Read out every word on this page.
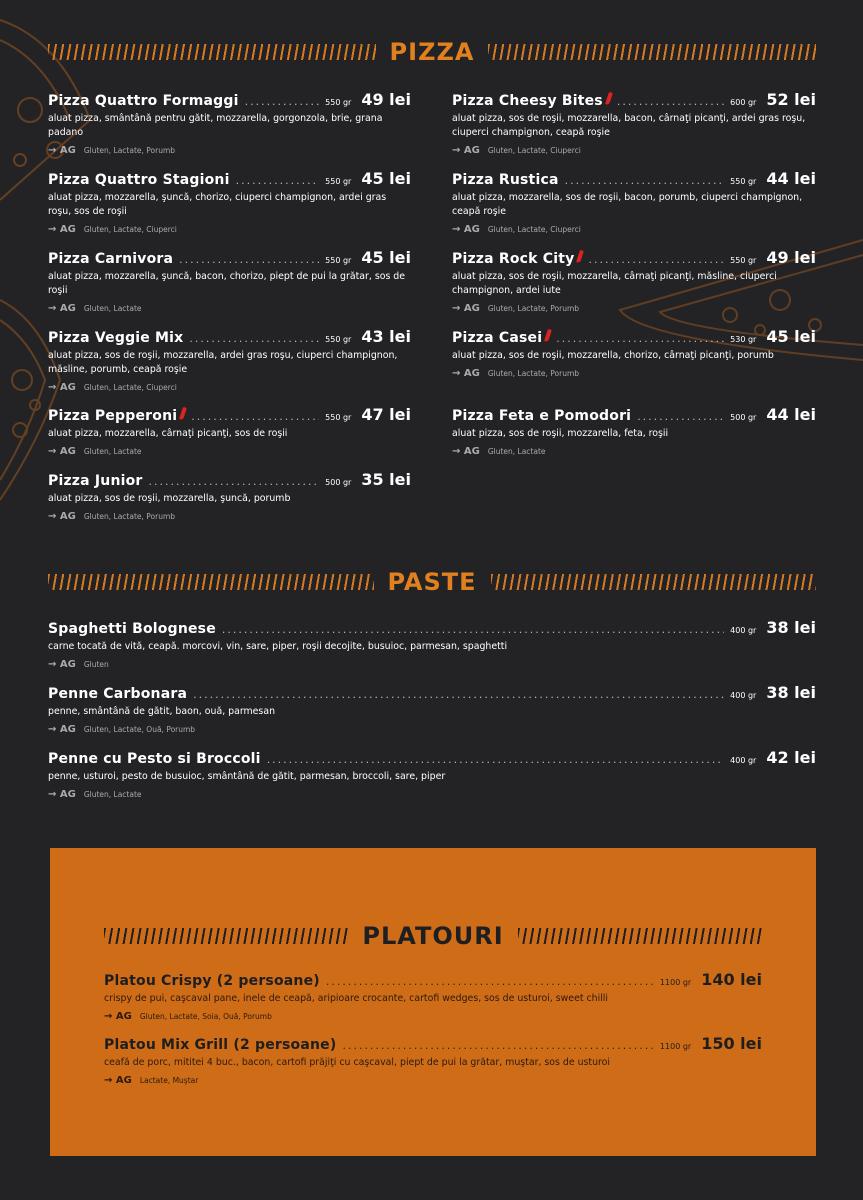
PIZZA
Pizza Quattro Formaggi .....	550 gr 49 lei
aluat pizza, smântână pentru gătit, mozzarella, gorgonzola, brie, grana padano
→ AG Gluten, Lactate, Porumb
Pizza Quattro Stagioni .....	550 gr 45 lei
aluat pizza, mozzarella, şuncă, chorizo, ciuperci champignon, ardei gras roşu, sos de roşii
→ AG Gluten, Lactate, Ciuperci
Pizza Carnivora .....	550 gr 45 lei
aluat pizza, mozzarella, şuncă, bacon, chorizo, piept de pui la grătar, sos de roşii
→ AG Gluten, Lactate
Pizza Veggie Mix .....	550 gr 43 lei
aluat pizza, sos de roşii, mozzarella, ardei gras roşu, ciuperci champignon, măsline, porumb, ceapă roşie
→ AG Gluten, Lactate, Ciuperci
Pizza Pepperoni .....	550 gr 47 lei
aluat pizza, mozzarella, cârnaţi picanţi, sos de roşii
→ AG Gluten, Lactate
Pizza Junior .....	500 gr 35 lei
aluat pizza, sos de roşii, mozzarella, şuncă, porumb
→ AG Gluten, Lactate, Porumb
Pizza Cheesy Bites .....	600 gr 52 lei
aluat pizza, sos de roşii, mozzarella, bacon, cârnaţi picanţi, ardei gras roşu, ciuperci champignon, ceapă roşie
→ AG Gluten, Lactate, Ciuperci
Pizza Rustica .....	550 gr 44 lei
aluat pizza, mozzarella, sos de roşii, bacon, porumb, ciuperci champignon, ceapă roşie
→ AG Gluten, Lactate, Ciuperci
Pizza Rock City .....	550 gr 49 lei
aluat pizza, sos de roşii, mozzarella, cârnaţi picanţi, măsline, ciuperci champignon, ardei iute
→ AG Gluten, Lactate, Porumb
Pizza Casei .....	530 gr 45 lei
aluat pizza, sos de roşii, mozzarella, chorizo, cârnaţi picanţi, porumb
→ AG Gluten, Lactate, Porumb
Pizza Feta e Pomodori .....	500 gr 44 lei
aluat pizza, sos de roşii, mozzarella, feta, roşii
→ AG Gluten, Lactate
PASTE
Spaghetti Bolognese .....	400 gr 38 lei
carne tocată de vită, ceapă. morcovi, vin, sare, piper, roşii decojite, busuioc, parmesan, spaghetti
→ AG Gluten
Penne Carbonara .....	400 gr 38 lei
penne, smântână de gătit, baon, ouă, parmesan
→ AG Gluten, Lactate, Ouă, Porumb
Penne cu Pesto si Broccoli .....	400 gr 42 lei
penne, usturoi, pesto de busuioc, smântână de gătit, parmesan, broccoli, sare, piper
→ AG Gluten, Lactate
PLATOURI
Platou Crispy (2 persoane) .....	1100 gr 140 lei
crispy de pui, caşcaval pane, inele de ceapă, aripioare crocante, cartofi wedges, sos de usturoi, sweet chilli
→ AG Gluten, Lactate, Soia, Ouă, Porumb
Platou Mix Grill (2 persoane) .....	1100 gr 150 lei
ceafă de porc, mititei 4 buc., bacon, cartofi prăjiţi cu caşcaval, piept de pui la grătar, muştar, sos de usturoi
→ AG Lactate, Muştar
